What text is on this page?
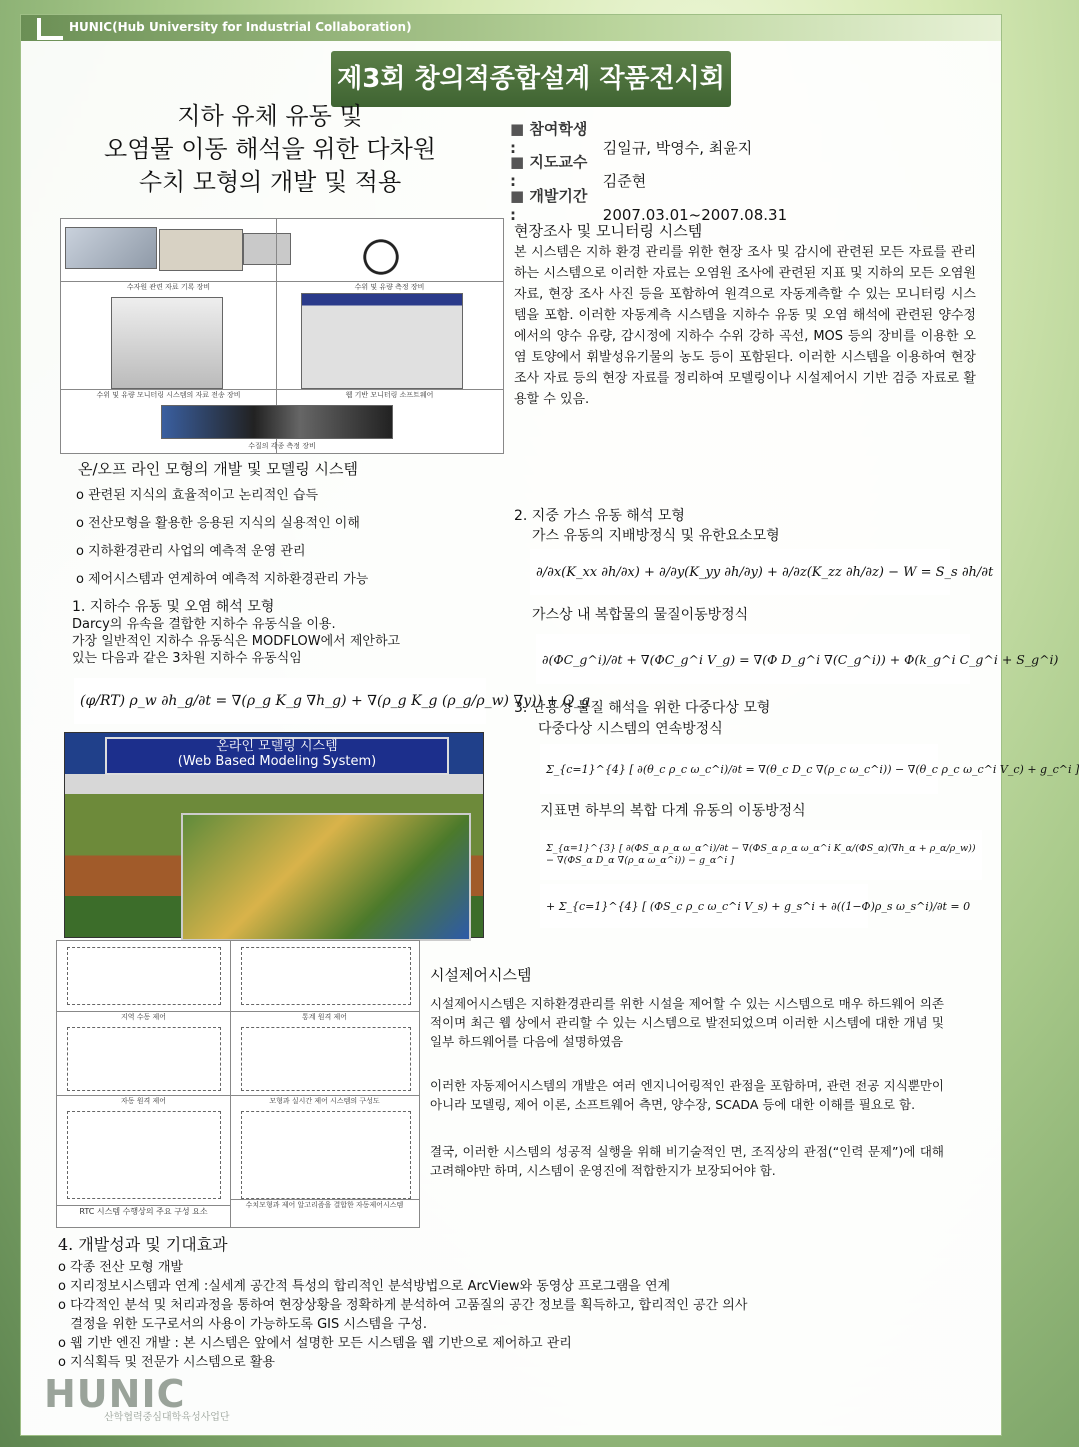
HUNIC(Hub University for Industrial Collaboration)
제3회 창의적종합설계 작품전시회
지하 유체 유동 및
오염물 이동 해석을 위한 다차원
수치 모형의 개발 및 적용
■ 참여학생 :	김일규, 박영수, 최윤지
■ 지도교수 :	김준현
■ 개발기간 :	2007.03.01~2007.08.31
수자원 관련 자료 기록 장비	수위 및 유량 측정 장비
수위 및 유량 모니터링 시스템의 자료 전송 장비	웹 기반 모니터링 소프트웨어
수질의 각종 측정 장비
현장조사 및 모니터링 시스템
본 시스템은 지하 환경 관리를 위한 현장 조사 및 감시에 관련된 모든 자료를 관리하는 시스템으로 이러한 자료는 오염원 조사에 관련된 지표 및 지하의 모든 오염원 자료, 현장 조사 사진 등을 포함하여 원격으로 자동계측할 수 있는 모니터링 시스템을 포함. 이러한 자동계측 시스템을 지하수 유동 및 오염 해석에 관련된 양수정에서의 양수 유량, 감시정에 지하수 수위 강하 곡선, MOS 등의 장비를 이용한 오염 토양에서 휘발성유기물의 농도 등이 포함된다. 이러한 시스템을 이용하여 현장 조사 자료 등의 현장 자료를 정리하여 모델링이나 시설제어시 기반 검증 자료로 활용할 수 있음.
온/오프 라인 모형의 개발 및 모델링 시스템
o 관련된 지식의 효율적이고 논리적인 습득
o 전산모형을 활용한 응용된 지식의 실용적인 이해
o 지하환경관리 사업의 예측적 운영 관리
o 제어시스템과 연계하여 예측적 지하환경관리 가능
1. 지하수 유동 및 오염 해석 모형
Darcy의 유속을 결합한 지하수 유동식을 이용.
가장 일반적인 지하수 유동식은 MODFLOW에서 제안하고
있는 다음과 같은 3차원 지하수 유동식임
(φ/RT) ρ_w ∂h_g/∂t = ∇(ρ_g K_g ∇h_g) + ∇(ρ_g K_g (ρ_g/ρ_w) ∇y)) + Q_g
온라인 모델링 시스템
(Web Based Modeling System)
2. 지중 가스 유동 해석 모형
가스 유동의 지배방정식 및 유한요소모형
∂/∂x(K_xx ∂h/∂x) + ∂/∂y(K_yy ∂h/∂y) + ∂/∂z(K_zz ∂h/∂z) − W = S_s ∂h/∂t
가스상 내 복합물의 물질이동방정식
∂(ΦC_g^i)/∂t + ∇(ΦC_g^i V_g) = ∇(Φ D_g^i ∇(C_g^i)) + Φ(k_g^i C_g^i + S_g^i)
3. 난용성 물질 해석을 위한 다중다상 모형
다중다상 시스템의 연속방정식
Σ_{c=1}^{4} [ ∂(θ_c ρ_c ω_c^i)/∂t = ∇(θ_c D_c ∇(ρ_c ω_c^i)) − ∇(θ_c ρ_c ω_c^i V_c) + g_c^i ]
지표면 하부의 복합 다계 유동의 이동방정식
Σ_{α=1}^{3} [ ∂(ΦS_α ρ_α ω_α^i)/∂t − ∇(ΦS_α ρ_α ω_α^i K_α/(ΦS_α)(∇h_α + ρ_α/ρ_w)) − ∇(ΦS_α D_α ∇(ρ_α ω_α^i)) − g_α^i ]
+ Σ_{c=1}^{4} [ (ΦS_c ρ_c ω_c^i V_s) + g_s^i + ∂((1−Φ)ρ_s ω_s^i)/∂t = 0
지역 수동 제어	통계 원격 제어
자동 원격 제어	모형과 실시간 제어 시스템의 구성도
RTC 시스템 수행상의 주요 구성 요소
수치모형과 제어 알고리즘을 결합한 자동제어시스템
시설제어시스템
시설제어시스템은 지하환경관리를 위한 시설을 제어할 수 있는 시스템으로 매우 하드웨어 의존적이며 최근 웹 상에서 관리할 수 있는 시스템으로 발전되었으며 이러한 시스템에 대한 개념 및 일부 하드웨어를 다음에 설명하였음
이러한 자동제어시스템의 개발은 여러 엔지니어링적인 관점을 포함하며, 관련 전공 지식뿐만이 아니라 모델링, 제어 이론, 소프트웨어 측면, 양수장, SCADA 등에 대한 이해를 필요로 함.
결국, 이러한 시스템의 성공적 실행을 위해 비기술적인 면, 조직상의 관점(“인력 문제”)에 대해 고려해야만 하며, 시스템이 운영진에 적합한지가 보장되어야 함.
4. 개발성과 및 기대효과
o 각종 전산 모형 개발
o 지리정보시스템과 연계 :실세계 공간적 특성의 합리적인 분석방법으로 ArcView와 동영상 프로그램을 연계
o 다각적인 분석 및 처리과정을 통하여 현장상황을 정확하게 분석하여 고품질의 공간 정보를 획득하고, 합리적인 공간 의사
결정을 위한 도구로서의 사용이 가능하도록 GIS 시스템을 구성.
o 웹 기반 엔진 개발 : 본 시스템은 앞에서 설명한 모든 시스템을 웹 기반으로 제어하고 관리
o 지식획득 및 전문가 시스템으로 활용
HUNIC
산학협력중심대학육성사업단
